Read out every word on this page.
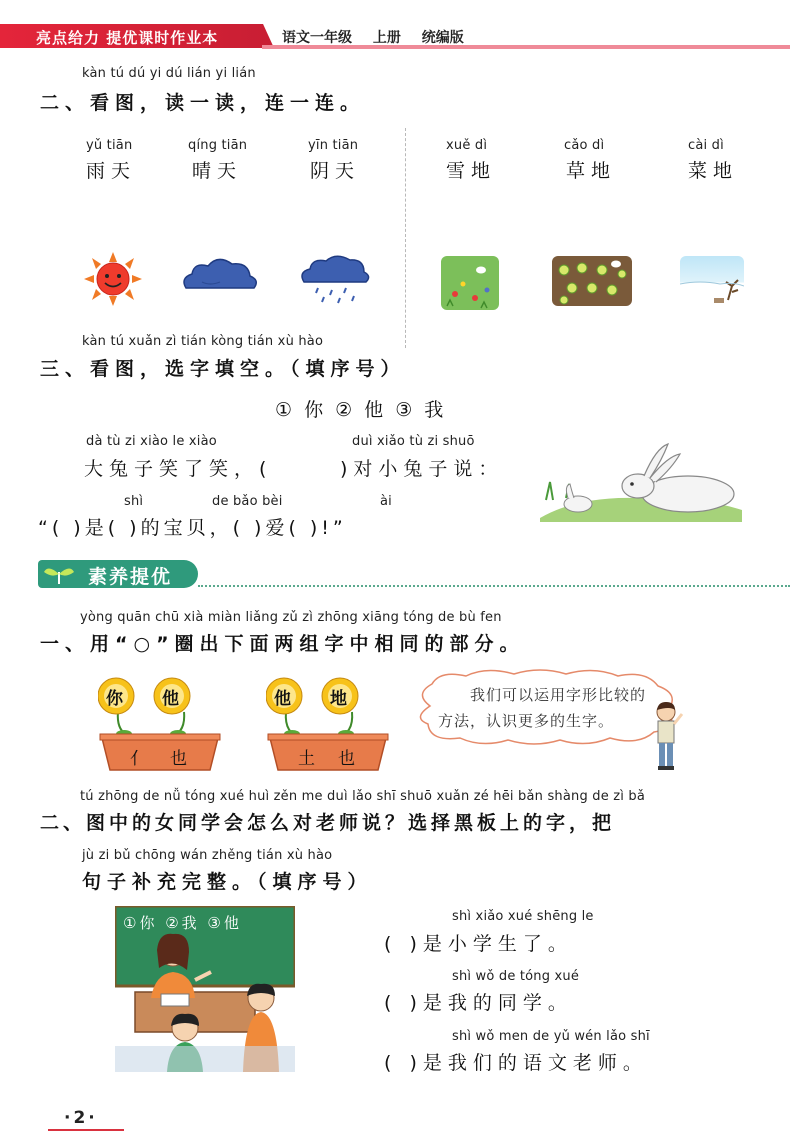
亮点给力 提优课时作业本	语文一年级 上册 统编版
kàn tú dú yi dú lián yi lián
二、看图，读一读，连一连。
yǔ tiān
雨天
qíng tiān
晴天
yīn tiān
阴天
xuě dì
雪地
cǎo dì
草地
cài dì
菜地
kàn tú xuǎn zì tián kòng tián xù hào
三、看图，选字填空。（填序号）
① 你 ② 他 ③ 我
dà tù zi xiào le xiào	duì xiǎo tù zi shuō
大兔子笑了笑，(	)对小兔子说：
shì	de bǎo bèi	ài
“( )是( )的宝贝，( )爱( )!”
素养提优
yòng quān chū xià miàn liǎng zǔ zì zhōng xiāng tóng de bù fen
一、用“○”圈出下面两组字中相同的部分。
你 他
亻 也
他 地
土 也
我们可以运用字形比较的
方法，认识更多的生字。
tú zhōng de nǚ tóng xué huì zěn me duì lǎo shī shuō xuǎn zé hēi bǎn shàng de zì bǎ
二、图中的女同学会怎么对老师说？选择黑板上的字，把
jù zi bǔ chōng wán zhěng tián xù hào
句子补充完整。（填序号）
①你 ②我 ③他	shì xiǎo xué shēng le
( )是小学生了。
shì wǒ de tóng xué
( )是我的同学。
shì wǒ men de yǔ wén lǎo shī
( )是我们的语文老师。
·2·
